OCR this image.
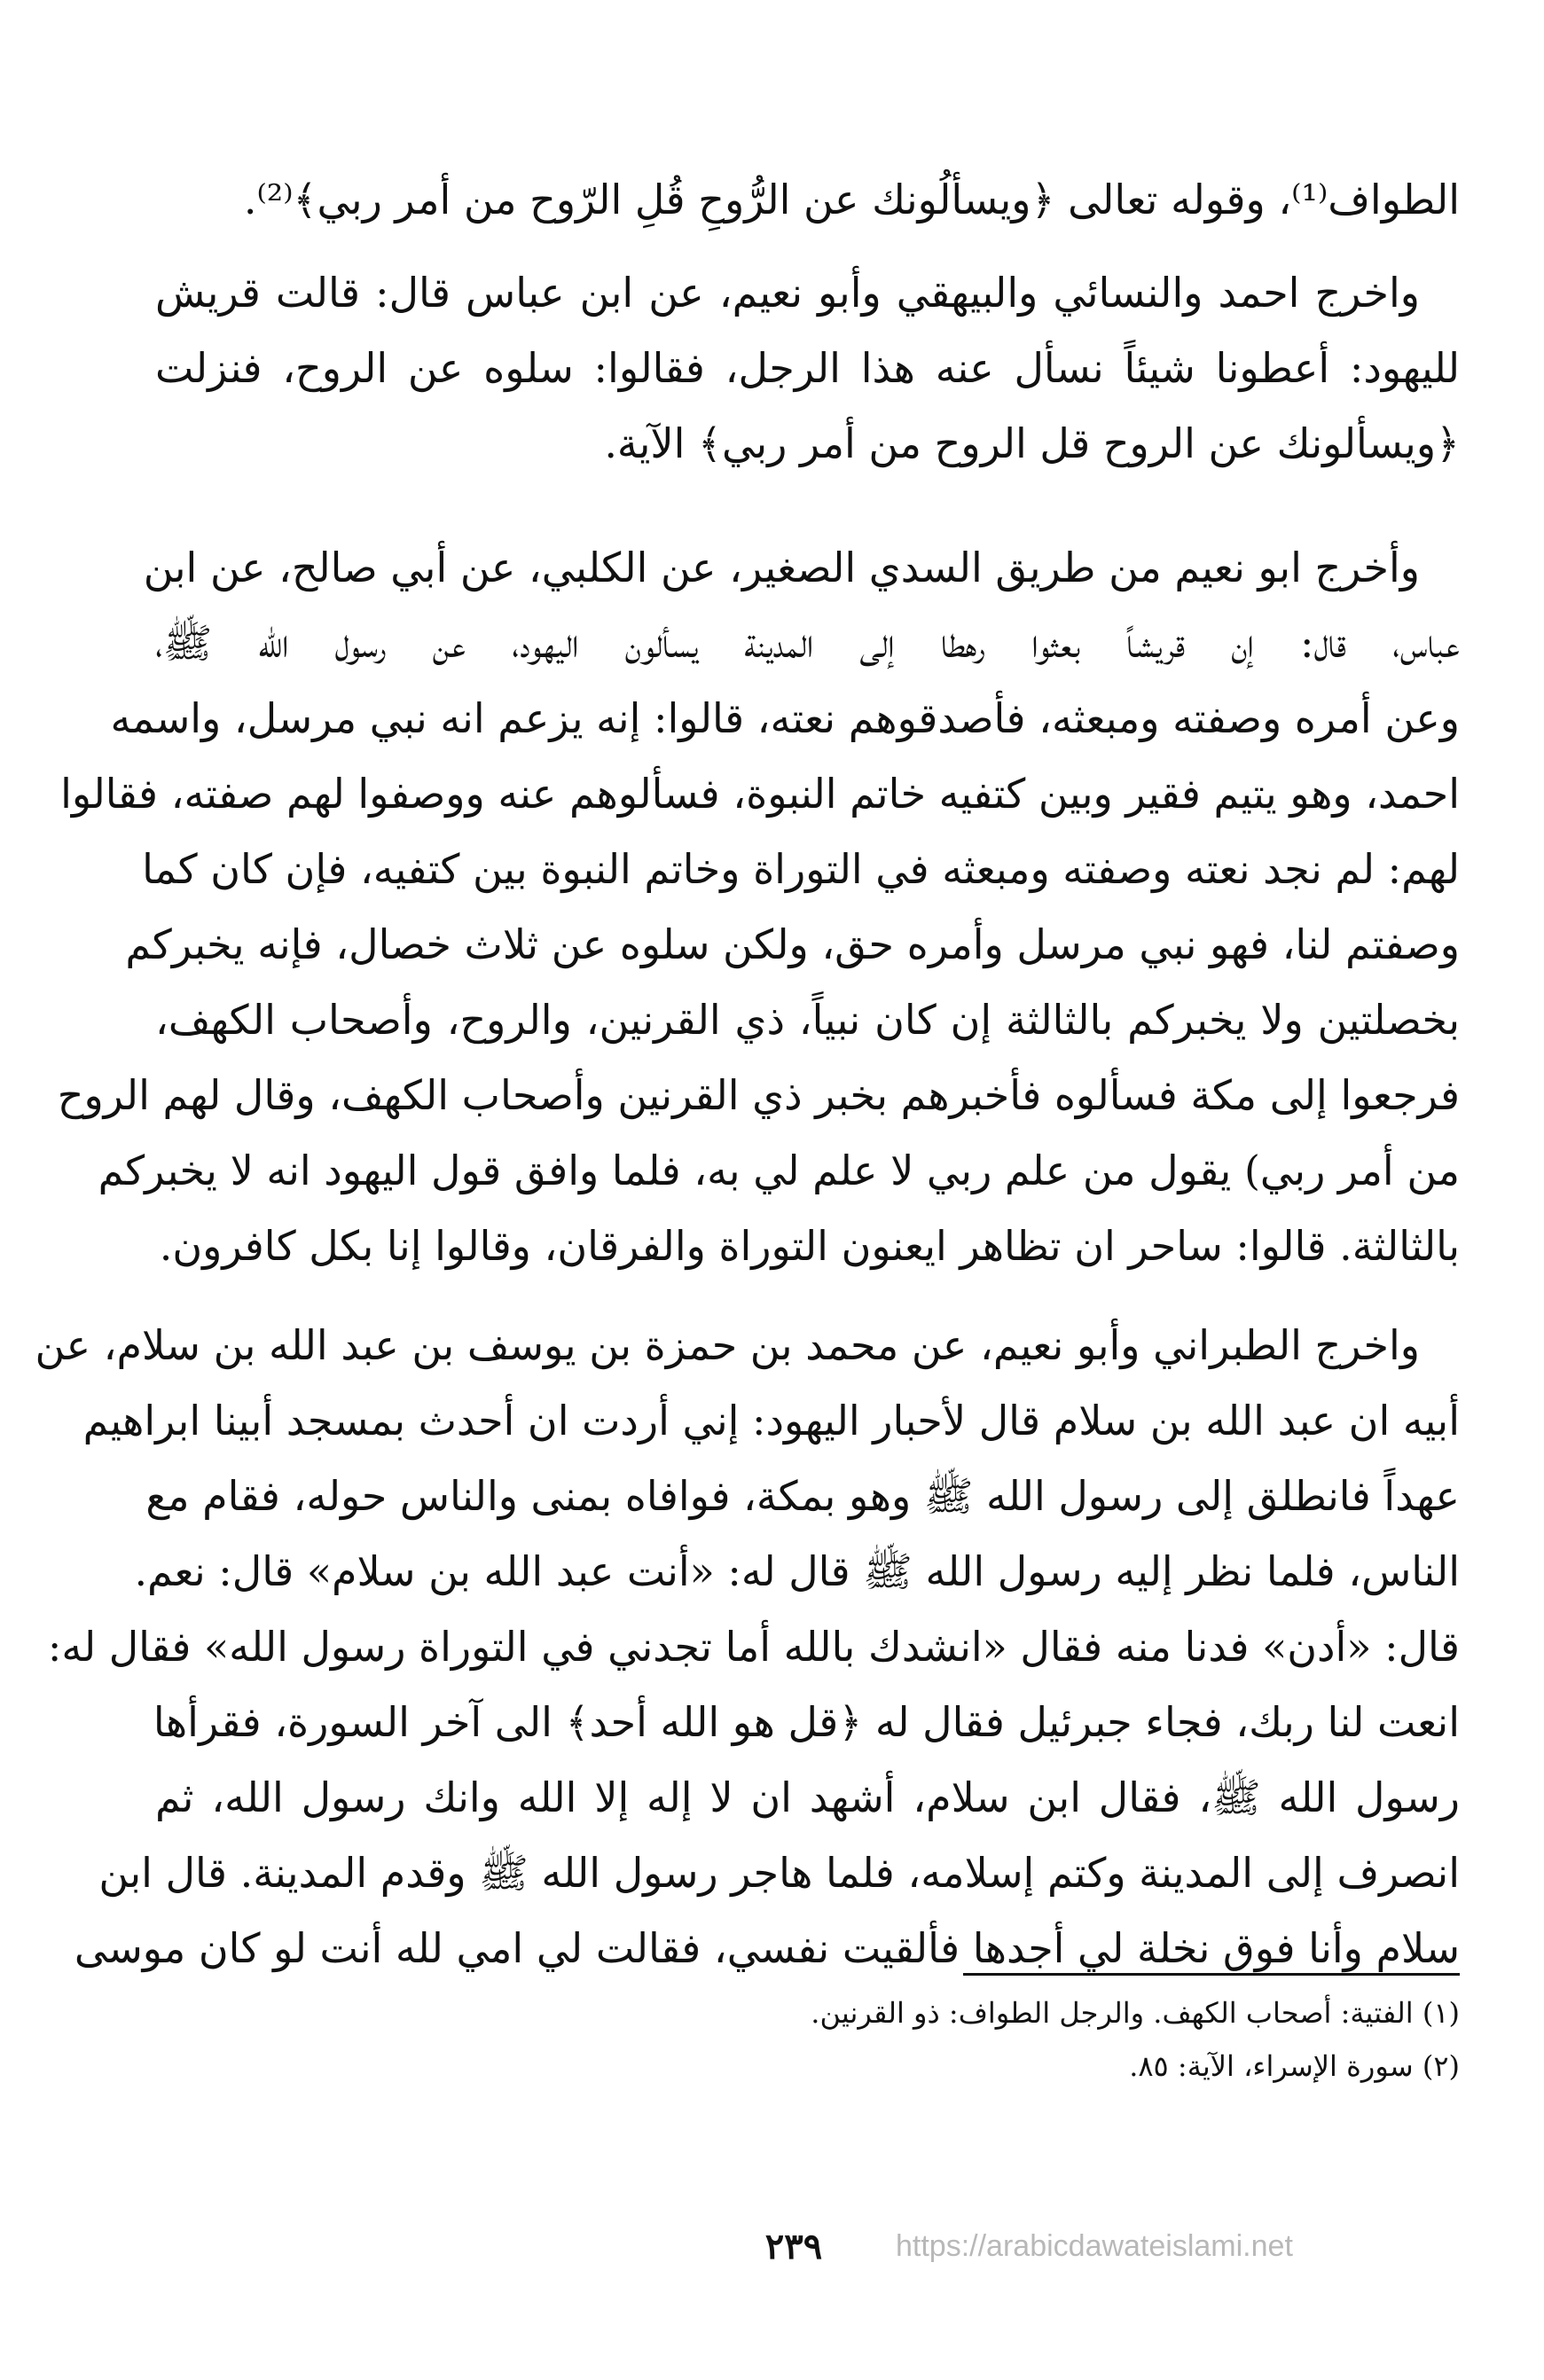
الطواف⁽¹⁾، وقوله تعالى ﴿ويسألُونك عن الرُّوحِ قُلِ الرّوح من أمر ربي﴾⁽²⁾.
واخرج احمد والنسائي والبيهقي وأبو نعيم، عن ابن عباس قال: قالت قريش
لليهود: أعطونا شيئاً نسأل عنه هذا الرجل، فقالوا: سلوه عن الروح، فنزلت
﴿ويسألونك عن الروح قل الروح من أمر ربي﴾ الآية.
وأخرج ابو نعيم من طريق السدي الصغير، عن الكلبي، عن أبي صالح، عن ابن
عباس، قال: إن قريشاً بعثوا رهطا إلى المدينة يسألون اليهود، عن رسول الله ﷺ،
وعن أمره وصفته ومبعثه، فأصدقوهم نعته، قالوا: إنه يزعم انه نبي مرسل، واسمه
احمد، وهو يتيم فقير وبين كتفيه خاتم النبوة، فسألوهم عنه ووصفوا لهم صفته، فقالوا
لهم: لم نجد نعته وصفته ومبعثه في التوراة وخاتم النبوة بين كتفيه، فإن كان كما
وصفتم لنا، فهو نبي مرسل وأمره حق، ولكن سلوه عن ثلاث خصال، فإنه يخبركم
بخصلتين ولا يخبركم بالثالثة إن كان نبياً، ذي القرنين، والروح، وأصحاب الكهف،
فرجعوا إلى مكة فسألوه فأخبرهم بخبر ذي القرنين وأصحاب الكهف، وقال لهم الروح
من أمر ربي) يقول من علم ربي لا علم لي به، فلما وافق قول اليهود انه لا يخبركم
بالثالثة. قالوا: ساحر ان تظاهر ايعنون التوراة والفرقان، وقالوا إنا بكل كافرون.
واخرج الطبراني وأبو نعيم، عن محمد بن حمزة بن يوسف بن عبد الله بن سلام، عن
أبيه ان عبد الله بن سلام قال لأحبار اليهود: إني أردت ان أحدث بمسجد أبينا ابراهيم
عهداً فانطلق إلى رسول الله ﷺ وهو بمكة، فوافاه بمنى والناس حوله، فقام مع
الناس، فلما نظر إليه رسول الله ﷺ قال له: «أنت عبد الله بن سلام» قال: نعم.
قال: «أدن» فدنا منه فقال «انشدك بالله أما تجدني في التوراة رسول الله» فقال له:
انعت لنا ربك، فجاء جبرئيل فقال له ﴿قل هو الله أحد﴾ الى آخر السورة، فقرأها
رسول الله ﷺ، فقال ابن سلام، أشهد ان لا إله إلا الله وانك رسول الله، ثم
انصرف إلى المدينة وكتم إسلامه، فلما هاجر رسول الله ﷺ وقدم المدينة. قال ابن
سلام وأنا فوق نخلة لي أجدها فألقيت نفسي، فقالت لي امي لله أنت لو كان موسى
(١) الفتية: أصحاب الكهف. والرجل الطواف: ذو القرنين.
(٢) سورة الإسراء، الآية: ٨٥.
٢٣٩	https://arabicdawateislami.net
